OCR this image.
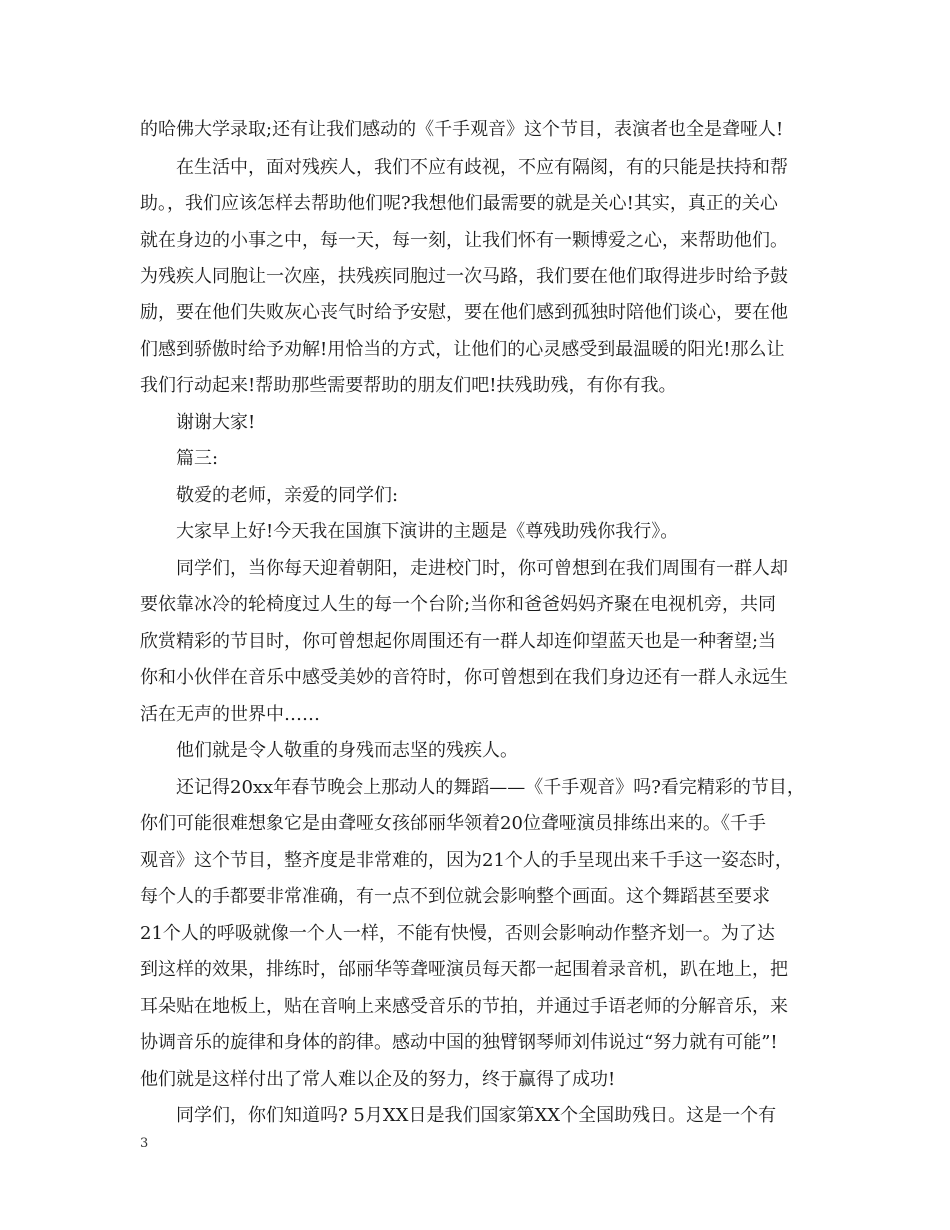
的哈佛大学录取;还有让我们感动的《千手观音》这个节目，表演者也全是聋哑人!
在生活中，面对残疾人，我们不应有歧视，不应有隔阂，有的只能是扶持和帮
助。，我们应该怎样去帮助他们呢?我想他们最需要的就是关心!其实，真正的关心
就在身边的小事之中，每一天，每一刻，让我们怀有一颗博爱之心，来帮助他们。
为残疾人同胞让一次座，扶残疾同胞过一次马路，我们要在他们取得进步时给予鼓
励，要在他们失败灰心丧气时给予安慰，要在他们感到孤独时陪他们谈心，要在他
们感到骄傲时给予劝解!用恰当的方式，让他们的心灵感受到最温暖的阳光!那么让
我们行动起来!帮助那些需要帮助的朋友们吧!扶残助残，有你有我。
谢谢大家!
篇三:
敬爱的老师，亲爱的同学们:
大家早上好!今天我在国旗下演讲的主题是《尊残助残你我行》。
同学们，当你每天迎着朝阳，走进校门时，你可曾想到在我们周围有一群人却
要依靠冰冷的轮椅度过人生的每一个台阶;当你和爸爸妈妈齐聚在电视机旁，共同
欣赏精彩的节目时，你可曾想起你周围还有一群人却连仰望蓝天也是一种奢望;当
你和小伙伴在音乐中感受美妙的音符时，你可曾想到在我们身边还有一群人永远生
活在无声的世界中……
他们就是令人敬重的身残而志坚的残疾人。
还记得20xx年春节晚会上那动人的舞蹈——《千手观音》吗?看完精彩的节目，
你们可能很难想象它是由聋哑女孩邰丽华领着20位聋哑演员排练出来的。《千手
观音》这个节目，整齐度是非常难的，因为21个人的手呈现出来千手这一姿态时，
每个人的手都要非常准确，有一点不到位就会影响整个画面。这个舞蹈甚至要求
21个人的呼吸就像一个人一样，不能有快慢，否则会影响动作整齐划一。为了达
到这样的效果，排练时，邰丽华等聋哑演员每天都一起围着录音机，趴在地上，把
耳朵贴在地板上，贴在音响上来感受音乐的节拍，并通过手语老师的分解音乐，来
协调音乐的旋律和身体的韵律。感动中国的独臂钢琴师刘伟说过“努力就有可能”!
他们就是这样付出了常人难以企及的努力，终于赢得了成功!
同学们，你们知道吗? 5月XX日是我们国家第XX个全国助残日。这是一个有
3
